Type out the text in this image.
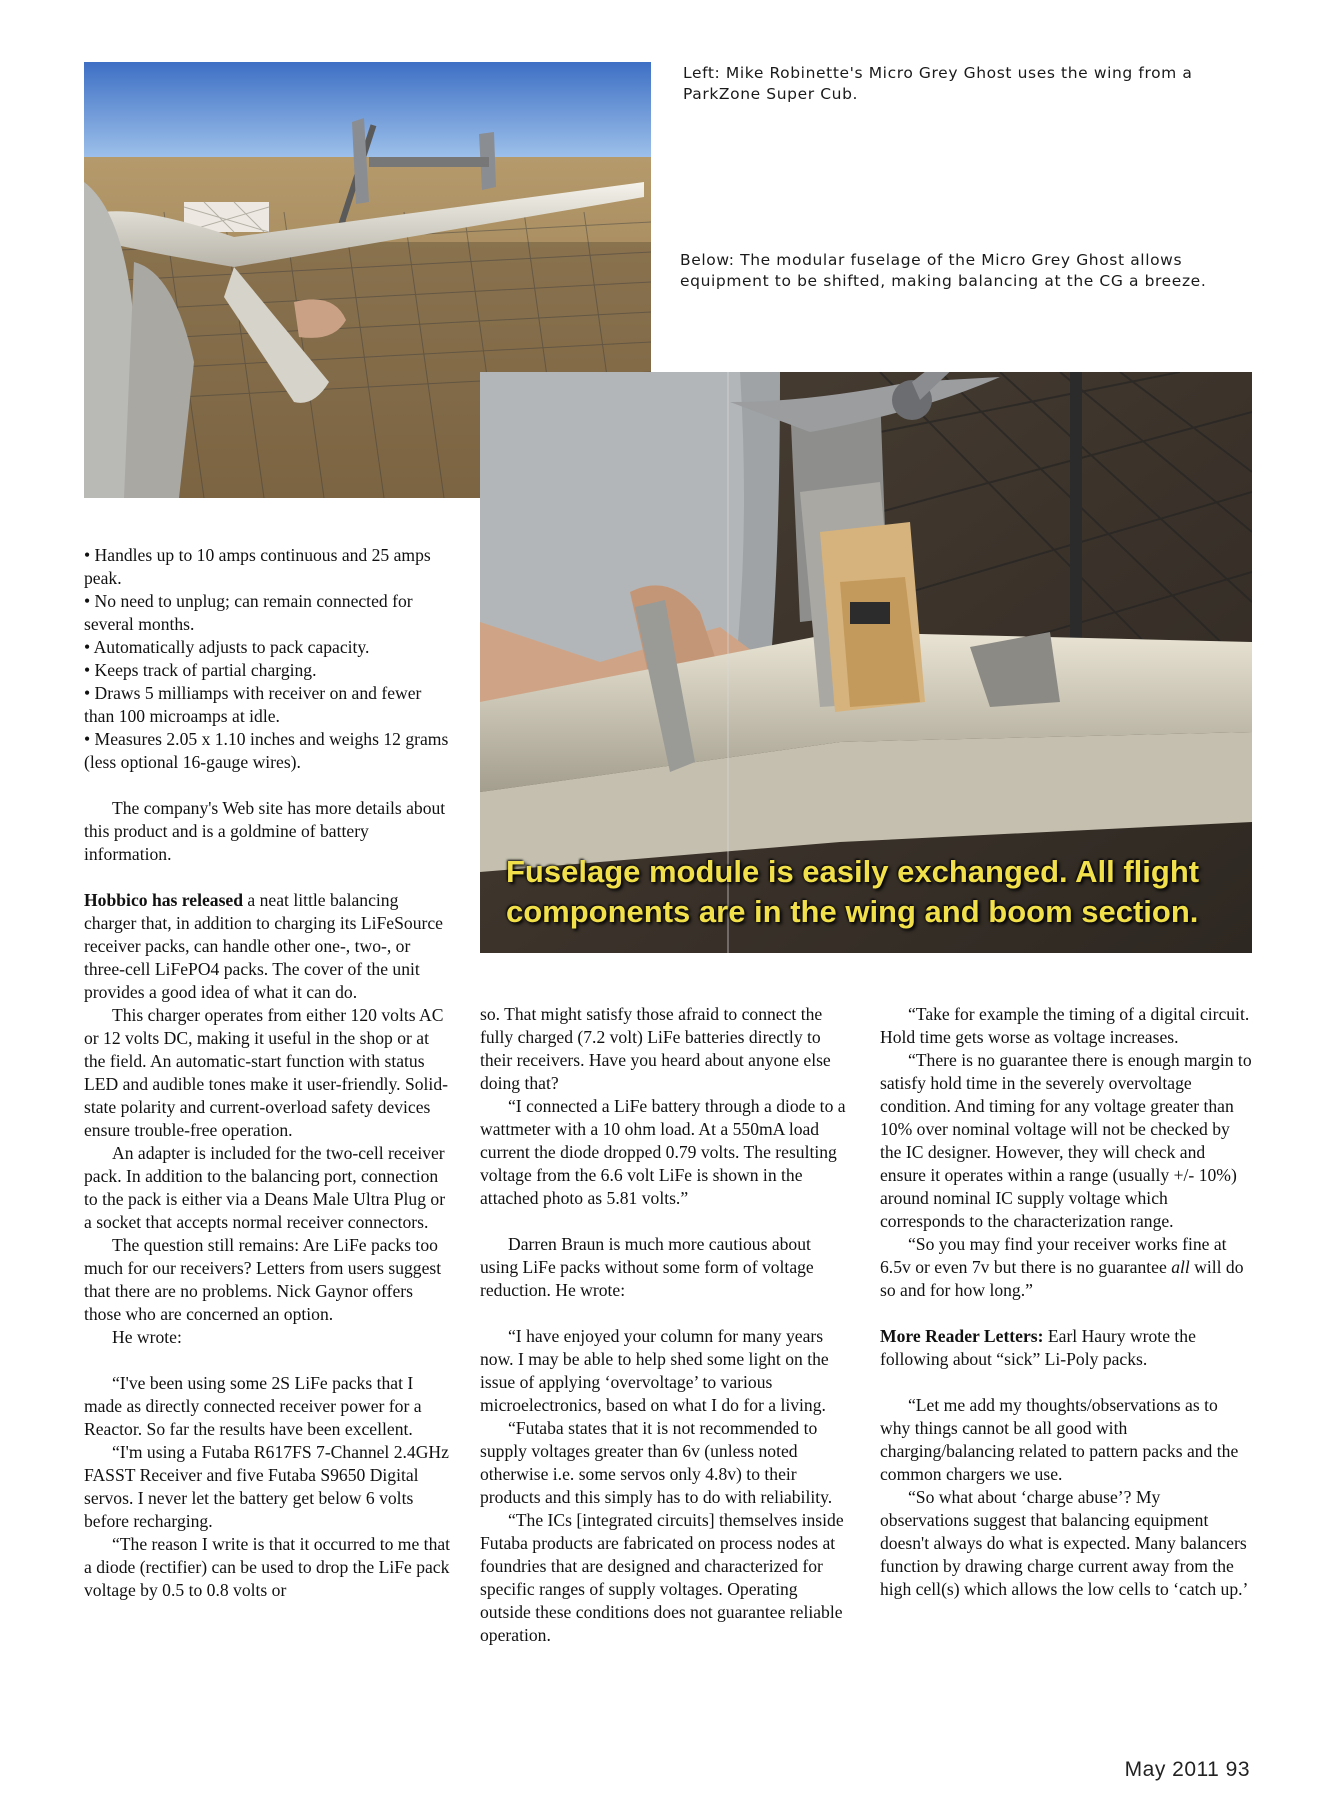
Left: Mike Robinette's Micro Grey Ghost uses the wing from a ParkZone Super Cub.
Below: The modular fuselage of the Micro Grey Ghost allows equipment to be shifted, making balancing at the CG a breeze.
Fuselage module is easily exchanged. All flight components are in the wing and boom section.

• Handles up to 10 amps continuous and 25 amps peak.

• No need to unplug; can remain connected for several months.

• Automatically adjusts to pack capacity.

• Keeps track of partial charging.

• Draws 5 milliamps with receiver on and fewer than 100 microamps at idle.

• Measures 2.05 x 1.10 inches and weighs 12 grams (less optional 16-gauge wires).

The company's Web site has more details about this product and is a goldmine of battery information.

Hobbico has released a neat little balancing charger that, in addition to charging its LiFeSource receiver packs, can handle other one-, two-, or three-cell LiFePO4 packs. The cover of the unit provides a good idea of what it can do.

This charger operates from either 120 volts AC or 12 volts DC, making it useful in the shop or at the field. An automatic-start function with status LED and audible tones make it user-friendly. Solid-state polarity and current-overload safety devices ensure trouble-free operation.

An adapter is included for the two-cell receiver pack. In addition to the balancing port, connection to the pack is either via a Deans Male Ultra Plug or a socket that accepts normal receiver connectors.

The question still remains: Are LiFe packs too much for our receivers? Letters from users suggest that there are no problems. Nick Gaynor offers those who are concerned an option.

He wrote:

“I've been using some 2S LiFe packs that I made as directly connected receiver power for a Reactor. So far the results have been excellent.

“I'm using a Futaba R617FS 7-Channel 2.4GHz FASST Receiver and five Futaba S9650 Digital servos. I never let the battery get below 6 volts before recharging.

“The reason I write is that it occurred to me that a diode (rectifier) can be used to drop the LiFe pack voltage by 0.5 to 0.8 volts or

so. That might satisfy those afraid to connect the fully charged (7.2 volt) LiFe batteries directly to their receivers. Have you heard about anyone else doing that?

“I connected a LiFe battery through a diode to a wattmeter with a 10 ohm load. At a 550mA load current the diode dropped 0.79 volts. The resulting voltage from the 6.6 volt LiFe is shown in the attached photo as 5.81 volts.”

Darren Braun is much more cautious about using LiFe packs without some form of voltage reduction. He wrote:

“I have enjoyed your column for many years now. I may be able to help shed some light on the issue of applying ‘overvoltage’ to various microelectronics, based on what I do for a living.

“Futaba states that it is not recommended to supply voltages greater than 6v (unless noted otherwise i.e. some servos only 4.8v) to their products and this simply has to do with reliability.

“The ICs [integrated circuits] themselves inside Futaba products are fabricated on process nodes at foundries that are designed and characterized for specific ranges of supply voltages. Operating outside these conditions does not guarantee reliable operation.

“Take for example the timing of a digital circuit. Hold time gets worse as voltage increases.

“There is no guarantee there is enough margin to satisfy hold time in the severely overvoltage condition. And timing for any voltage greater than 10% over nominal voltage will not be checked by the IC designer. However, they will check and ensure it operates within a range (usually +/- 10%) around nominal IC supply voltage which corresponds to the characterization range.

“So you may find your receiver works fine at 6.5v or even 7v but there is no guarantee all will do so and for how long.”

More Reader Letters: Earl Haury wrote the following about “sick” Li-Poly packs.

“Let me add my thoughts/observations as to why things cannot be all good with charging/balancing related to pattern packs and the common chargers we use.

“So what about ‘charge abuse’? My observations suggest that balancing equipment doesn't always do what is expected. Many balancers function by drawing charge current away from the high cell(s) which allows the low cells to ‘catch up.’

May 2011 93
